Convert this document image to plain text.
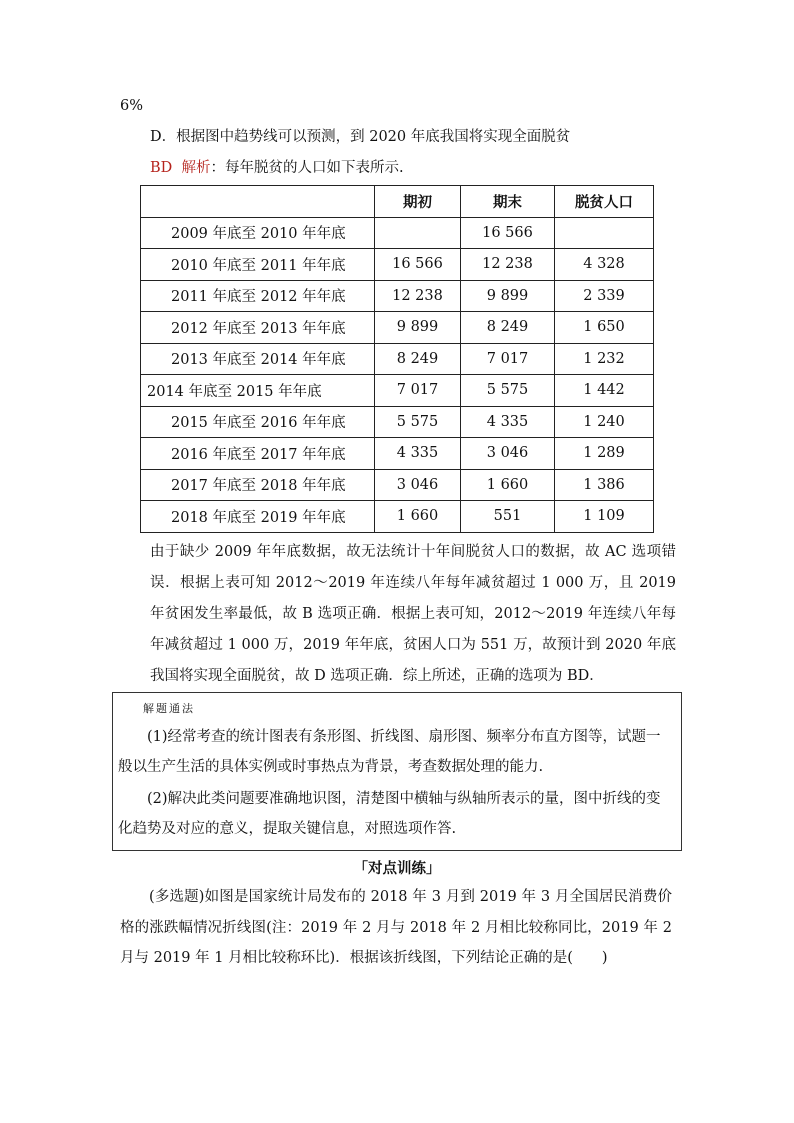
6%
D．根据图中趋势线可以预测，到 2020 年底我国将实现全面脱贫
BD 解析：每年脱贫的人口如下表所示.
	期初	期末	脱贫人口
2009 年底至 2010 年年底		16 566	
2010 年底至 2011 年年底	16 566	12 238	4 328
2011 年底至 2012 年年底	12 238	9 899	2 339
2012 年底至 2013 年年底	9 899	8 249	1 650
2013 年底至 2014 年年底	8 249	7 017	1 232
2014 年底至 2015 年年底	7 017	5 575	1 442
2015 年底至 2016 年年底	5 575	4 335	1 240
2016 年底至 2017 年年底	4 335	3 046	1 289
2017 年底至 2018 年年底	3 046	1 660	1 386
2018 年底至 2019 年年底	1 660	551	1 109
由于缺少 2009 年年底数据，故无法统计十年间脱贫人口的数据，故 AC 选项错误．根据上表可知 2012～2019 年连续八年每年减贫超过 1 000 万，且 2019 年贫困发生率最低，故 B 选项正确．根据上表可知，2012～2019 年连续八年每年减贫超过 1 000 万，2019 年年底，贫困人口为 551 万，故预计到 2020 年底我国将实现全面脱贫，故 D 选项正确．综上所述，正确的选项为 BD．
解题通法
(1)经常考查的统计图表有条形图、折线图、扇形图、频率分布直方图等，试题一般以生产生活的具体实例或时事热点为背景，考查数据处理的能力.
(2)解决此类问题要准确地识图，清楚图中横轴与纵轴所表示的量，图中折线的变化趋势及对应的意义，提取关键信息，对照选项作答.
「对点训练」
(多选题)如图是国家统计局发布的 2018 年 3 月到 2019 年 3 月全国居民消费价格的涨跌幅情况折线图(注：2019 年 2 月与 2018 年 2 月相比较称同比，2019 年 2 月与 2019 年 1 月相比较称环比)．根据该折线图，下列结论正确的是(　　)
